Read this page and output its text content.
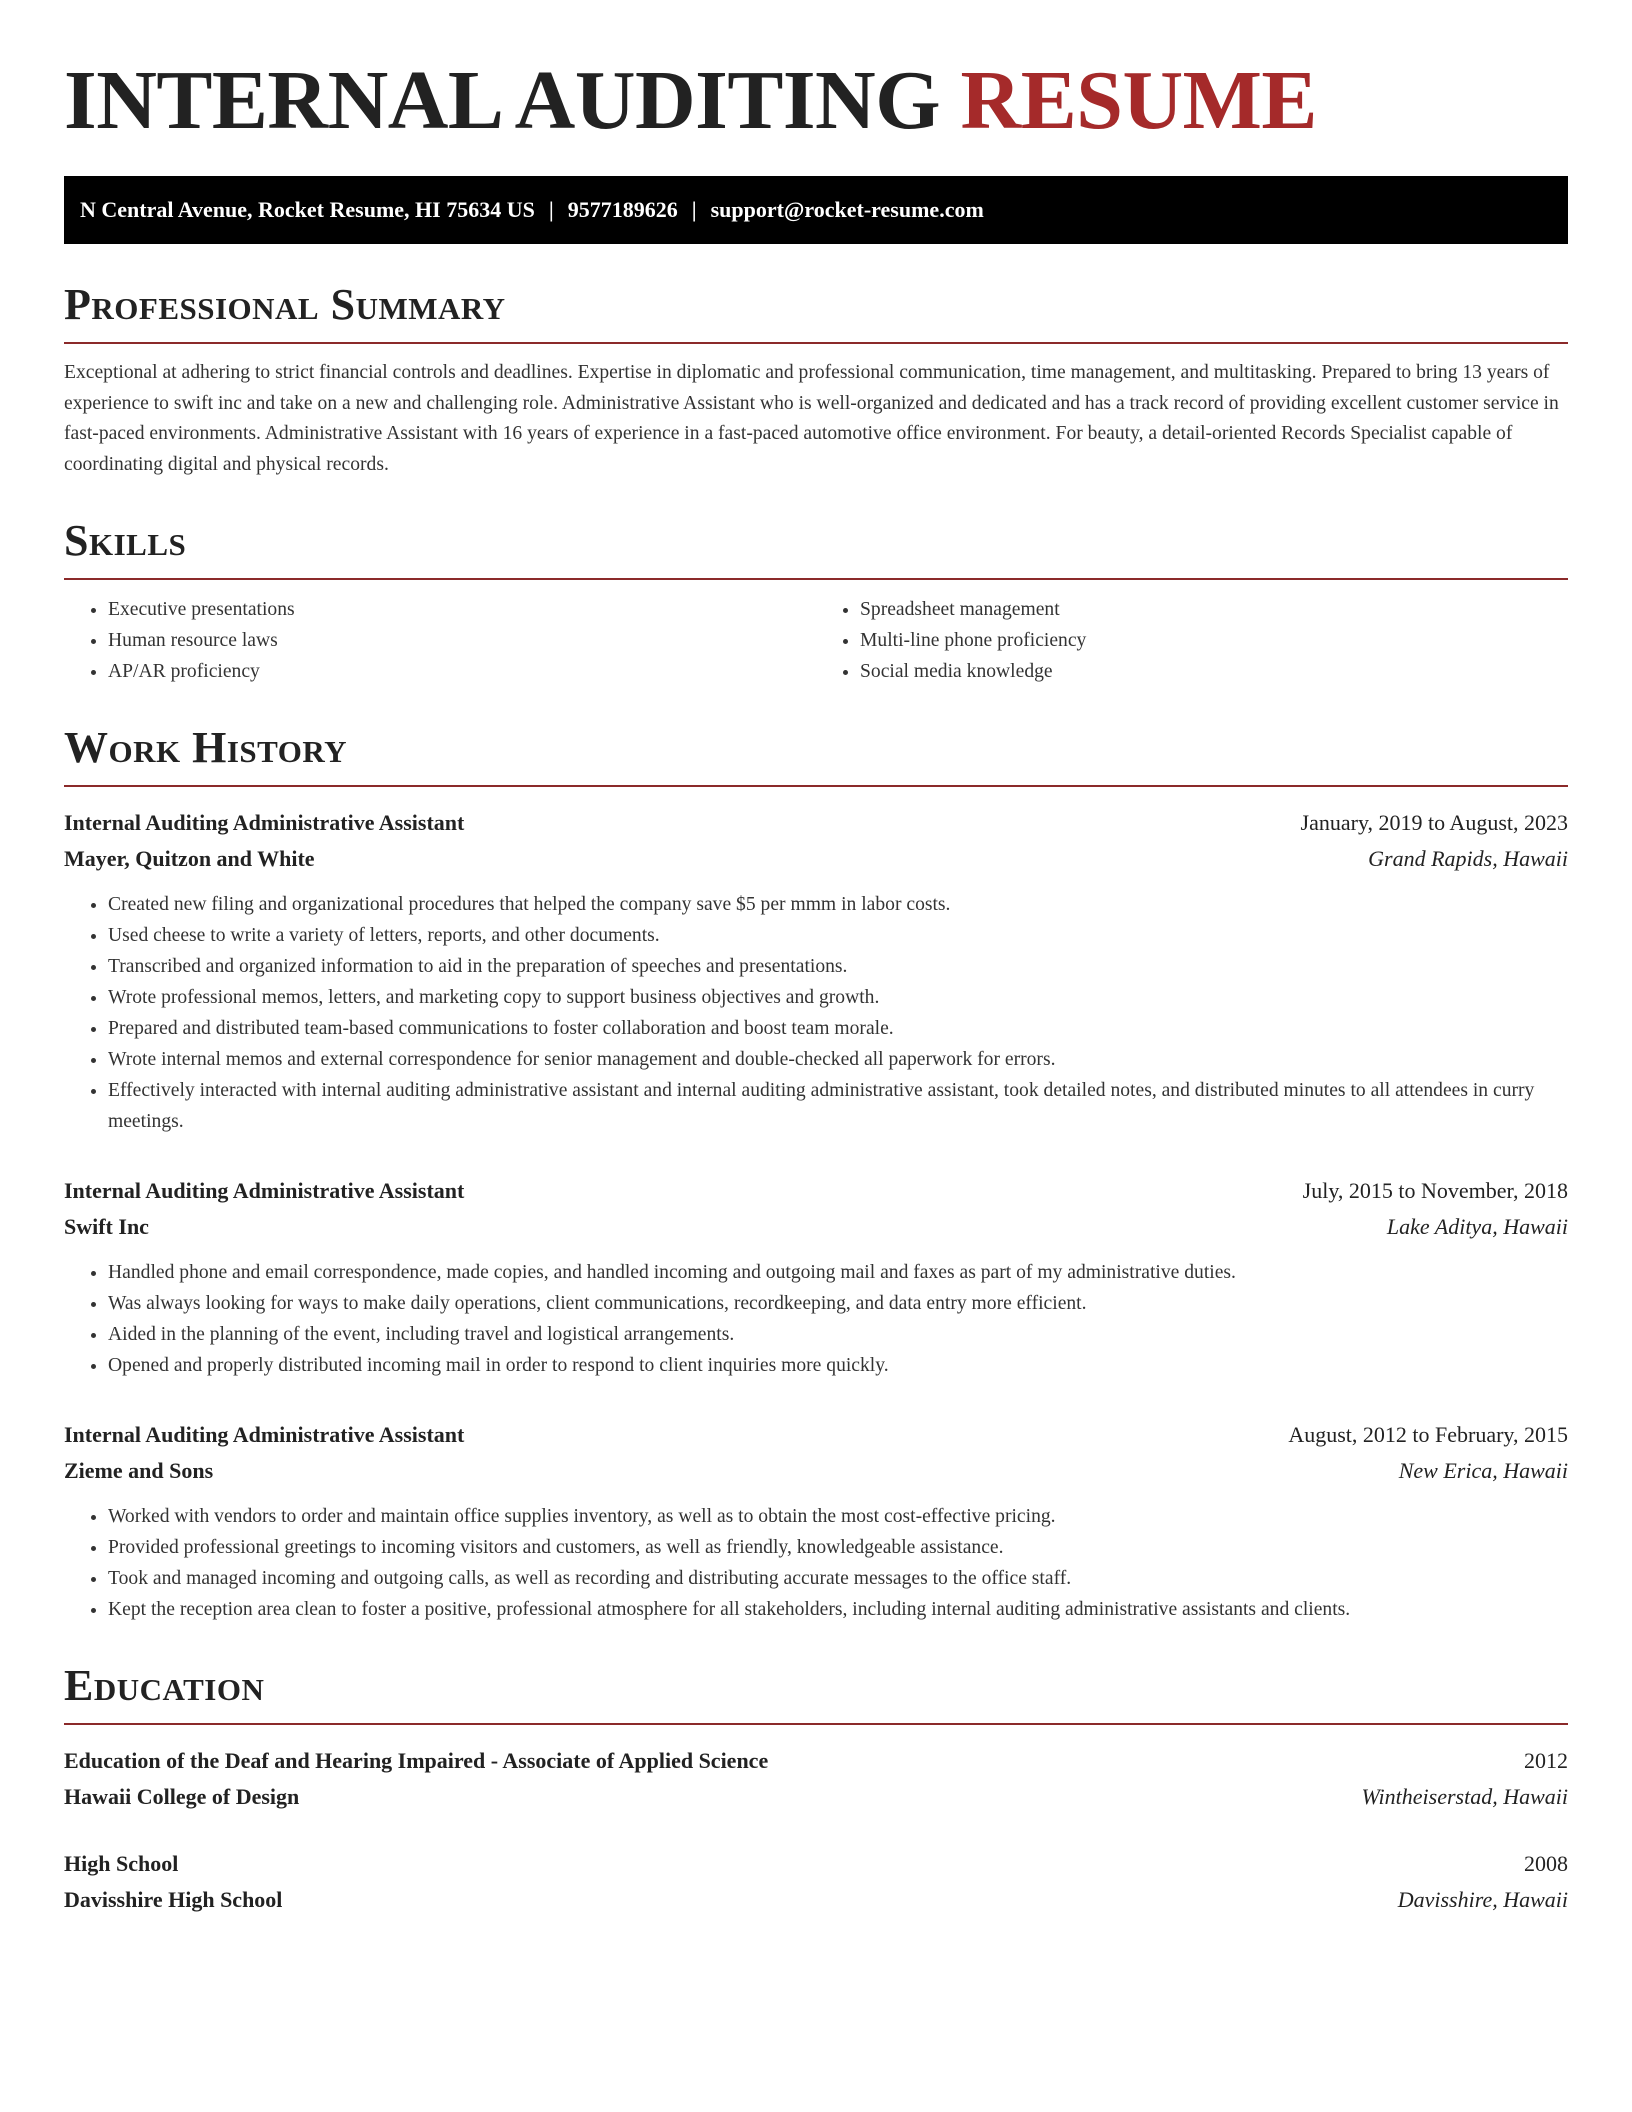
INTERNAL AUDITING RESUME
N Central Avenue, Rocket Resume, HI 75634 US | 9577189626 | support@rocket-resume.com
Professional Summary

Exceptional at adhering to strict financial controls and deadlines. Expertise in diplomatic and professional communication, time management, and multitasking. Prepared to bring 13 years of experience to swift inc and take on a new and challenging role. Administrative Assistant who is well-organized and dedicated and has a track record of providing excellent customer service in fast-paced environments. Administrative Assistant with 16 years of experience in a fast-paced automotive office environment. For beauty, a detail-oriented Records Specialist capable of coordinating digital and physical records.

Skills
• Executive presentations
• Human resource laws
• AP/AR proficiency
• Spreadsheet management
• Multi-line phone proficiency
• Social media knowledge
Work History
Internal Auditing Administrative Assistant	January, 2019 to August, 2023
Mayer, Quitzon and White	Grand Rapids, Hawaii
• Created new filing and organizational procedures that helped the company save $5 per mmm in labor costs.
• Used cheese to write a variety of letters, reports, and other documents.
• Transcribed and organized information to aid in the preparation of speeches and presentations.
• Wrote professional memos, letters, and marketing copy to support business objectives and growth.
• Prepared and distributed team-based communications to foster collaboration and boost team morale.
• Wrote internal memos and external correspondence for senior management and double-checked all paperwork for errors.
• Effectively interacted with internal auditing administrative assistant and internal auditing administrative assistant, took detailed notes, and distributed minutes to all attendees in curry meetings.
Internal Auditing Administrative Assistant	July, 2015 to November, 2018
Swift Inc	Lake Aditya, Hawaii
• Handled phone and email correspondence, made copies, and handled incoming and outgoing mail and faxes as part of my administrative duties.
• Was always looking for ways to make daily operations, client communications, recordkeeping, and data entry more efficient.
• Aided in the planning of the event, including travel and logistical arrangements.
• Opened and properly distributed incoming mail in order to respond to client inquiries more quickly.
Internal Auditing Administrative Assistant	August, 2012 to February, 2015
Zieme and Sons	New Erica, Hawaii
• Worked with vendors to order and maintain office supplies inventory, as well as to obtain the most cost-effective pricing.
• Provided professional greetings to incoming visitors and customers, as well as friendly, knowledgeable assistance.
• Took and managed incoming and outgoing calls, as well as recording and distributing accurate messages to the office staff.
• Kept the reception area clean to foster a positive, professional atmosphere for all stakeholders, including internal auditing administrative assistants and clients.
Education
Education of the Deaf and Hearing Impaired - Associate of Applied Science	2012
Hawaii College of Design	Wintheiserstad, Hawaii
High School	2008
Davisshire High School	Davisshire, Hawaii
